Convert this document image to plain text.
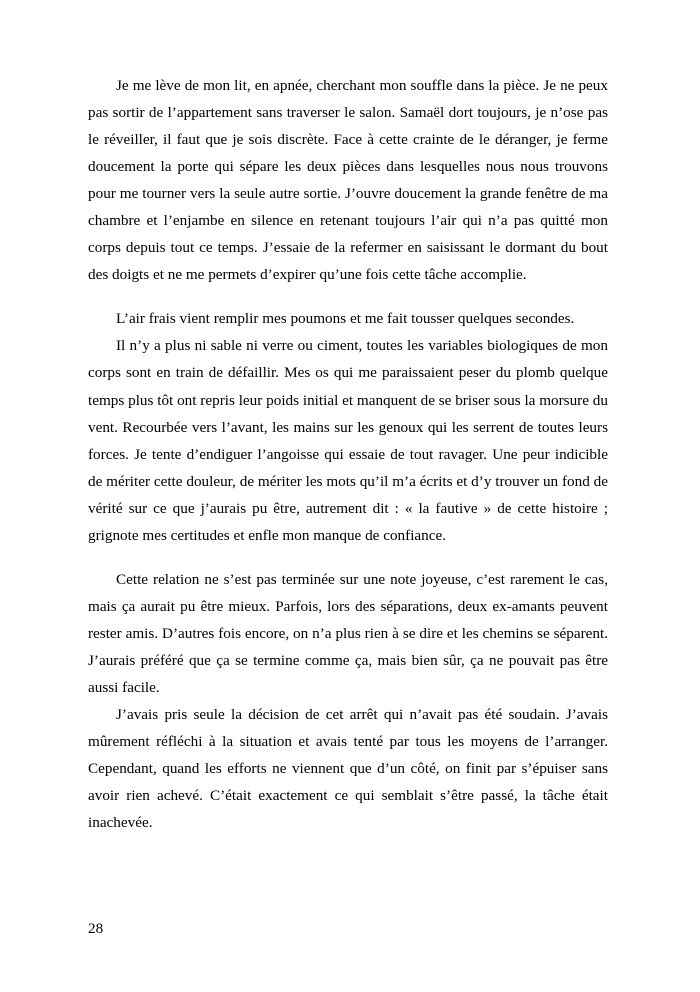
Je me lève de mon lit, en apnée, cherchant mon souffle dans la pièce. Je ne peux pas sortir de l’appartement sans traverser le salon. Samaël dort toujours, je n’ose pas le réveiller, il faut que je sois discrète. Face à cette crainte de le déranger, je ferme doucement la porte qui sépare les deux pièces dans lesquelles nous nous trouvons pour me tourner vers la seule autre sortie. J’ouvre doucement la grande fenêtre de ma chambre et l’enjambe en silence en retenant toujours l’air qui n’a pas quitté mon corps depuis tout ce temps. J’essaie de la refermer en saisissant le dormant du bout des doigts et ne me permets d’expirer qu’une fois cette tâche accomplie.

L’air frais vient remplir mes poumons et me fait tousser quelques secondes.

Il n’y a plus ni sable ni verre ou ciment, toutes les variables biologiques de mon corps sont en train de défaillir. Mes os qui me paraissaient peser du plomb quelque temps plus tôt ont repris leur poids initial et manquent de se briser sous la morsure du vent. Recourbée vers l’avant, les mains sur les genoux qui les serrent de toutes leurs forces. Je tente d’endiguer l’angoisse qui essaie de tout ravager. Une peur indicible de mériter cette douleur, de mériter les mots qu’il m’a écrits et d’y trouver un fond de vérité sur ce que j’aurais pu être, autrement dit : « la fautive » de cette histoire ; grignote mes certitudes et enfle mon manque de confiance.

Cette relation ne s’est pas terminée sur une note joyeuse, c’est rarement le cas, mais ça aurait pu être mieux. Parfois, lors des séparations, deux ex-amants peuvent rester amis. D’autres fois encore, on n’a plus rien à se dire et les chemins se séparent. J’aurais préféré que ça se termine comme ça, mais bien sûr, ça ne pouvait pas être aussi facile.

J’avais pris seule la décision de cet arrêt qui n’avait pas été soudain. J’avais mûrement réfléchi à la situation et avais tenté par tous les moyens de l’arranger. Cependant, quand les efforts ne viennent que d’un côté, on finit par s’épuiser sans avoir rien achevé. C’était exactement ce qui semblait s’être passé, la tâche était inachevée.

28
